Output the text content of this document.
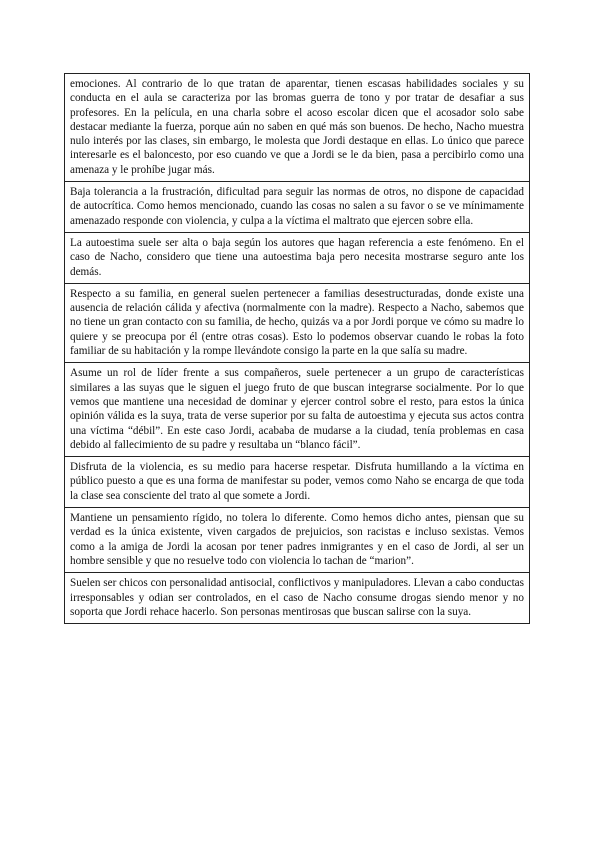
emociones. Al contrario de lo que tratan de aparentar, tienen escasas habilidades sociales y su conducta en el aula se caracteriza por las bromas guerra de tono y por tratar de desafiar a sus profesores. En la película, en una charla sobre el acoso escolar dicen que el acosador solo sabe destacar mediante la fuerza, porque aún no saben en qué más son buenos. De hecho, Nacho muestra nulo interés por las clases, sin embargo, le molesta que Jordi destaque en ellas. Lo único que parece interesarle es el baloncesto, por eso cuando ve que a Jordi se le da bien, pasa a percibirlo como una amenaza y le prohíbe jugar más.

Baja tolerancia a la frustración, dificultad para seguir las normas de otros, no dispone de capacidad de autocrítica. Como hemos mencionado, cuando las cosas no salen a su favor o se ve mínimamente amenazado responde con violencia, y culpa a la víctima el maltrato que ejercen sobre ella.

La autoestima suele ser alta o baja según los autores que hagan referencia a este fenómeno. En el caso de Nacho, considero que tiene una autoestima baja pero necesita mostrarse seguro ante los demás.

Respecto a su familia, en general suelen pertenecer a familias desestructuradas, donde existe una ausencia de relación cálida y afectiva (normalmente con la madre). Respecto a Nacho, sabemos que no tiene un gran contacto con su familia, de hecho, quizás va a por Jordi porque ve cómo su madre lo quiere y se preocupa por él (entre otras cosas). Esto lo podemos observar cuando le robas la foto familiar de su habitación y la rompe llevándote consigo la parte en la que salía su madre.

Asume un rol de líder frente a sus compañeros, suele pertenecer a un grupo de características similares a las suyas que le siguen el juego fruto de que buscan integrarse socialmente. Por lo que vemos que mantiene una necesidad de dominar y ejercer control sobre el resto, para estos la única opinión válida es la suya, trata de verse superior por su falta de autoestima y ejecuta sus actos contra una víctima “débil”. En este caso Jordi, acababa de mudarse a la ciudad, tenía problemas en casa debido al fallecimiento de su padre y resultaba un “blanco fácil”.

Disfruta de la violencia, es su medio para hacerse respetar. Disfruta humillando a la víctima en público puesto a que es una forma de manifestar su poder, vemos como Naho se encarga de que toda la clase sea consciente del trato al que somete a Jordi.

Mantiene un pensamiento rígido, no tolera lo diferente. Como hemos dicho antes, piensan que su verdad es la única existente, viven cargados de prejuicios, son racistas e incluso sexistas. Vemos como a la amiga de Jordi la acosan por tener padres inmigrantes y en el caso de Jordi, al ser un hombre sensible y que no resuelve todo con violencia lo tachan de “marion”.

Suelen ser chicos con personalidad antisocial, conflictivos y manipuladores. Llevan a cabo conductas irresponsables y odian ser controlados, en el caso de Nacho consume drogas siendo menor y no soporta que Jordi rehace hacerlo. Son personas mentirosas que buscan salirse con la suya.
